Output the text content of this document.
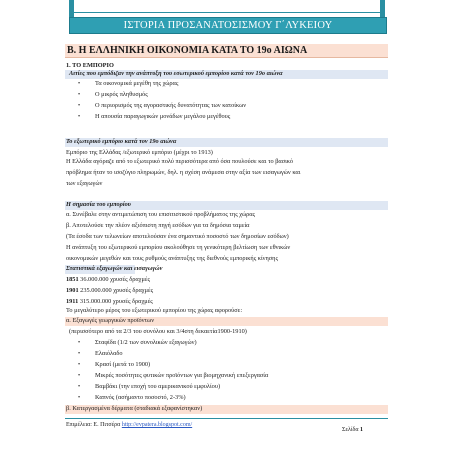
ΙΣΤΟΡΙΑ ΠΡΟΣΑΝΑΤΟΣΙΣΜΟΥ Γ΄ΛΥΚΕΙΟΥ
Β. Η ΕΛΛΗΝΙΚΗ ΟΙΚΟΝΟΜΙΑ ΚΑΤΑ ΤΟ 19ο ΑΙΩΝΑ
1. ΤΟ ΕΜΠΟΡΙΟ
Αιτίες που εμπόδιζαν την ανάπτυξη του εσωτερικού εμπορίου κατά τον 19ο αιώνα
• Τα οικονομικά μεγέθη της χώρας
• Ο μικρός πληθυσμός
• Ο περιορισμός της αγοραστικής δυνατότητας των κατοίκων
• Η απουσία παραγωγικών μονάδων μεγάλου μεγέθους
Το εξωτερικό εμπόριο κατά τον 19ο αιώνα
Εμπόριο της Ελλάδας /εξωτερικό εμπόριο (μέχρι το 1913)
Η Ελλάδα αγόραζε από το εξωτερικό πολύ περισσότερα από όσα πουλούσε και το βασικό
πρόβλημα ήταν το ισοζύγιο πληρωμών, δηλ. η σχέση ανάμεσα στην αξία των εισαγωγών και
των εξαγωγών
Η σημασία του εμπορίου
α. Συνέβαλε στην αντιμετώπιση του επισιτιστικού προβλήματος της χώρας
β. Αποτελούσε την πλέον αξιόπιστη πηγή εσόδων για τα δημόσια ταμεία
(Τα έσοδα των τελωνείων αποτελούσαν ένα σημαντικό ποσοστό των δημοσίων εσόδων)
Η ανάπτυξη του εξωτερικού εμπορίου ακολούθησε τη γενικότερη βελτίωση των εθνικών
οικονομικών μεγεθών και τους ρυθμούς ανάπτυξης της διεθνούς εμπορικής κίνησης
Στατιστικά εξαγωγών και εισαγωγών
1851 36.000.000 χρυσές δραχμές
1901 235.000.000 χρυσές δραχμές
1911 315.000.000 χρυσές δραχμές
Το μεγαλύτερο μέρος του εξωτερικού εμπορίου της χώρας αφορούσε:
α. Εξαγωγές γεωργικών προϊόντων
(περισσότερο από τα 2/3 του συνόλου και 3/4στη δεκαετία1900-1910)
• Σταφίδα (1/2 των συνολικών εξαγωγών)
• Ελαιόλαδο
• Κρασί (μετά το 1900)
• Μικρές ποσότητες φυτικών προϊόντων για βιομηχανική επεξεργασία
• Βαμβάκι (την εποχή του αμερικανικού εμφυλίου)
• Καπνός (ασήμαντο ποσοστό, 2-3%)
β. Κατεργασμένα δέρματα (σταδιακά εξαφανίστηκαν)
Επιμέλεια: Ε. Πιτσέρα http://evpatera.blogspot.com/
Σελίδα 1
